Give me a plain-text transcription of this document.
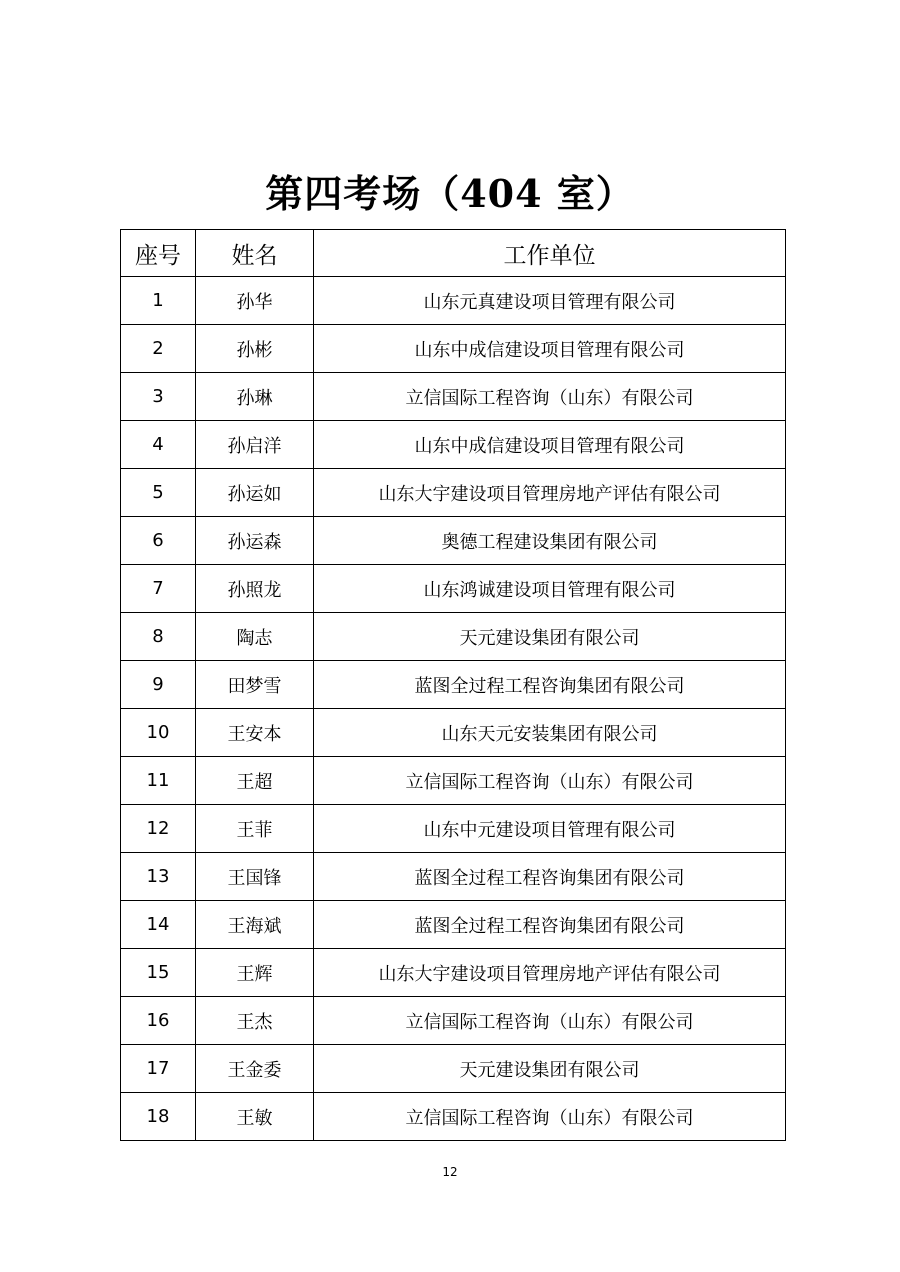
第四考场（404 室）
座号	姓名	工作单位
1	孙华	山东元真建设项目管理有限公司
2	孙彬	山东中成信建设项目管理有限公司
3	孙琳	立信国际工程咨询（山东）有限公司
4	孙启洋	山东中成信建设项目管理有限公司
5	孙运如	山东大宇建设项目管理房地产评估有限公司
6	孙运森	奥德工程建设集团有限公司
7	孙照龙	山东鸿诚建设项目管理有限公司
8	陶志	天元建设集团有限公司
9	田梦雪	蓝图全过程工程咨询集团有限公司
10	王安本	山东天元安装集团有限公司
11	王超	立信国际工程咨询（山东）有限公司
12	王菲	山东中元建设项目管理有限公司
13	王国锋	蓝图全过程工程咨询集团有限公司
14	王海斌	蓝图全过程工程咨询集团有限公司
15	王辉	山东大宇建设项目管理房地产评估有限公司
16	王杰	立信国际工程咨询（山东）有限公司
17	王金委	天元建设集团有限公司
18	王敏	立信国际工程咨询（山东）有限公司
12
